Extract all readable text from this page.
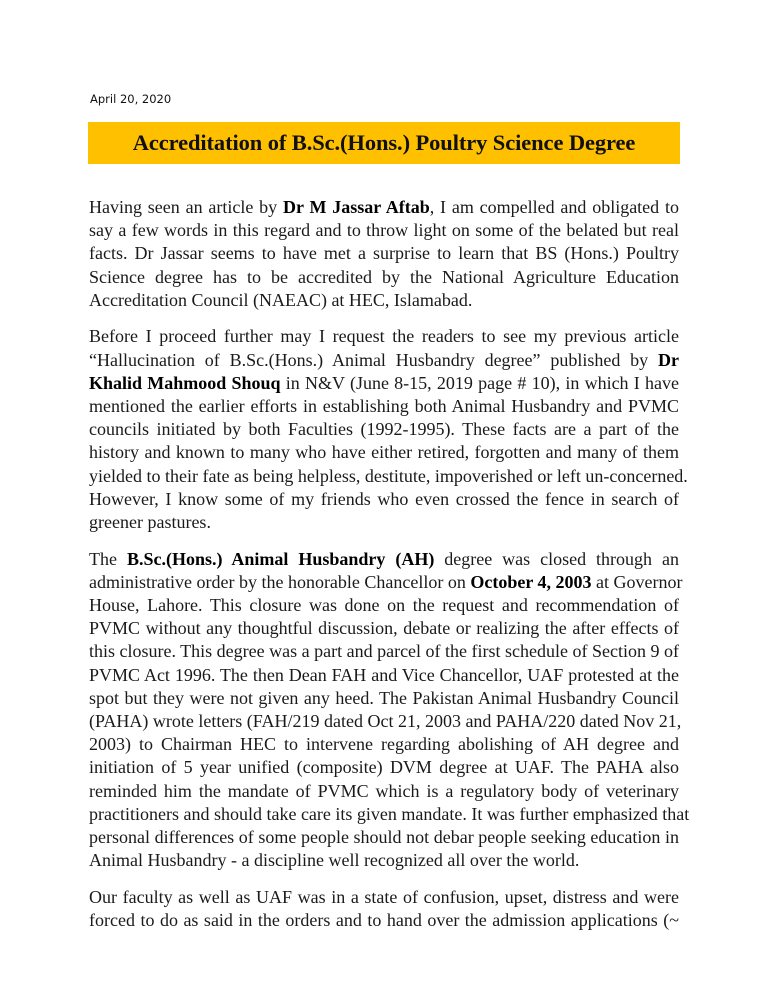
April 20, 2020
Accreditation of B.Sc.(Hons.) Poultry Science Degree
Having seen an article by Dr M Jassar Aftab, I am compelled and obligated to
say a few words in this regard and to throw light on some of the belated but real
facts. Dr Jassar seems to have met a surprise to learn that BS (Hons.) Poultry
Science degree has to be accredited by the National Agriculture Education
Accreditation Council (NAEAC) at HEC, Islamabad.
Before I proceed further may I request the readers to see my previous article
“Hallucination of B.Sc.(Hons.) Animal Husbandry degree” published by Dr
Khalid Mahmood Shouq in N&V (June 8-15, 2019 page # 10), in which I have
mentioned the earlier efforts in establishing both Animal Husbandry and PVMC
councils initiated by both Faculties (1992-1995). These facts are a part of the
history and known to many who have either retired, forgotten and many of them
yielded to their fate as being helpless, destitute, impoverished or left un-concerned.
However, I know some of my friends who even crossed the fence in search of
greener pastures.
The B.Sc.(Hons.) Animal Husbandry (AH) degree was closed through an
administrative order by the honorable Chancellor on October 4, 2003 at Governor
House, Lahore. This closure was done on the request and recommendation of
PVMC without any thoughtful discussion, debate or realizing the after effects of
this closure. This degree was a part and parcel of the first schedule of Section 9 of
PVMC Act 1996. The then Dean FAH and Vice Chancellor, UAF protested at the
spot but they were not given any heed. The Pakistan Animal Husbandry Council
(PAHA) wrote letters (FAH/219 dated Oct 21, 2003 and PAHA/220 dated Nov 21,
2003) to Chairman HEC to intervene regarding abolishing of AH degree and
initiation of 5 year unified (composite) DVM degree at UAF. The PAHA also
reminded him the mandate of PVMC which is a regulatory body of veterinary
practitioners and should take care its given mandate. It was further emphasized that
personal differences of some people should not debar people seeking education in
Animal Husbandry - a discipline well recognized all over the world.
Our faculty as well as UAF was in a state of confusion, upset, distress and were
forced to do as said in the orders and to hand over the admission applications (~
